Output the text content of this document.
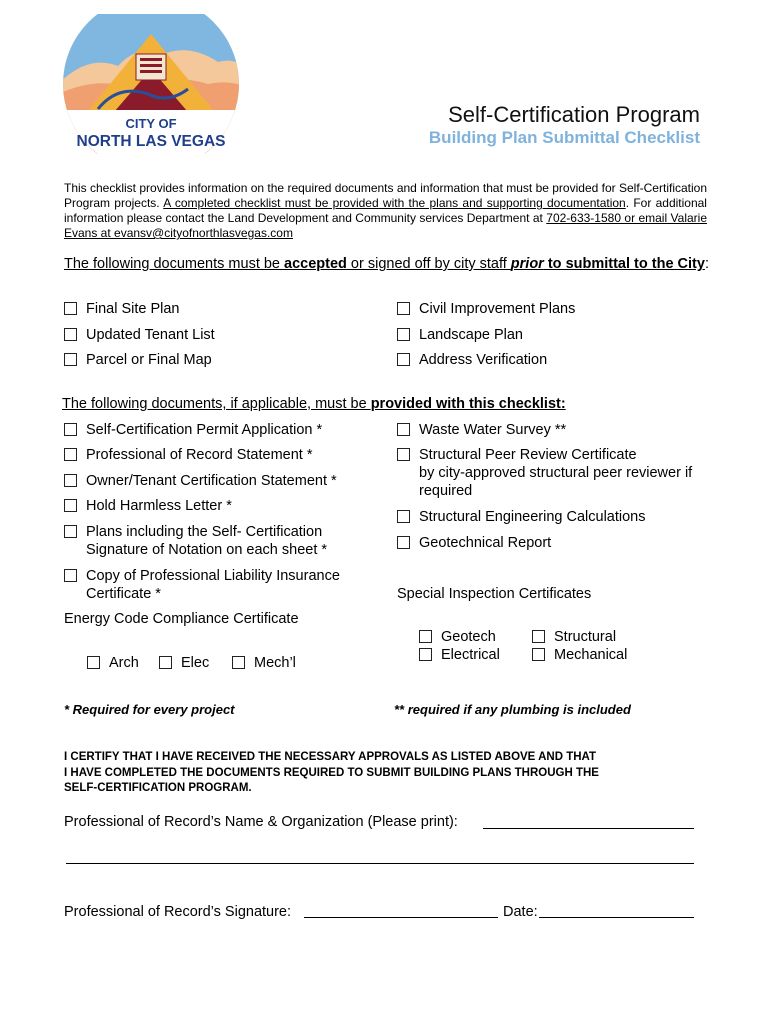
CITY OF
NORTH LAS VEGAS
Self-Certification Program
Building Plan Submittal Checklist
This checklist provides information on the required documents and information that must be provided for Self-Certification Program projects. A completed checklist must be provided with the plans and supporting documentation. For additional information please contact the Land Development and Community services Department at 702-633-1580 or email Valarie Evans at evansv@cityofnorthlasvegas.com
The following documents must be accepted or signed off by city staff prior to submittal to the City:
Final Site Plan
Updated Tenant List
Parcel or Final Map
Civil Improvement Plans
Landscape Plan
Address Verification
The following documents, if applicable, must be provided with this checklist:
Self-Certification Permit Application *
Professional of Record Statement *
Owner/Tenant Certification Statement *
Hold Harmless Letter *
Plans including the Self- Certification
Signature of Notation on each sheet *
Copy of Professional Liability Insurance
Certificate *
Energy Code Compliance Certificate
Arch	Elec	Mech’l
Waste Water Survey **
Structural Peer Review Certificate
by city-approved structural peer reviewer if
required
Structural Engineering Calculations
Geotechnical Report
Special Inspection Certificates
Geotech
Electrical
Structural
Mechanical
* Required for every project	** required if any plumbing is included
I CERTIFY THAT I HAVE RECEIVED THE NECESSARY APPROVALS AS LISTED ABOVE AND THAT
I HAVE COMPLETED THE DOCUMENTS REQUIRED TO SUBMIT BUILDING PLANS THROUGH THE
SELF-CERTIFICATION PROGRAM.
Professional of Record’s Name & Organization (Please print):
Professional of Record’s Signature:	Date:
